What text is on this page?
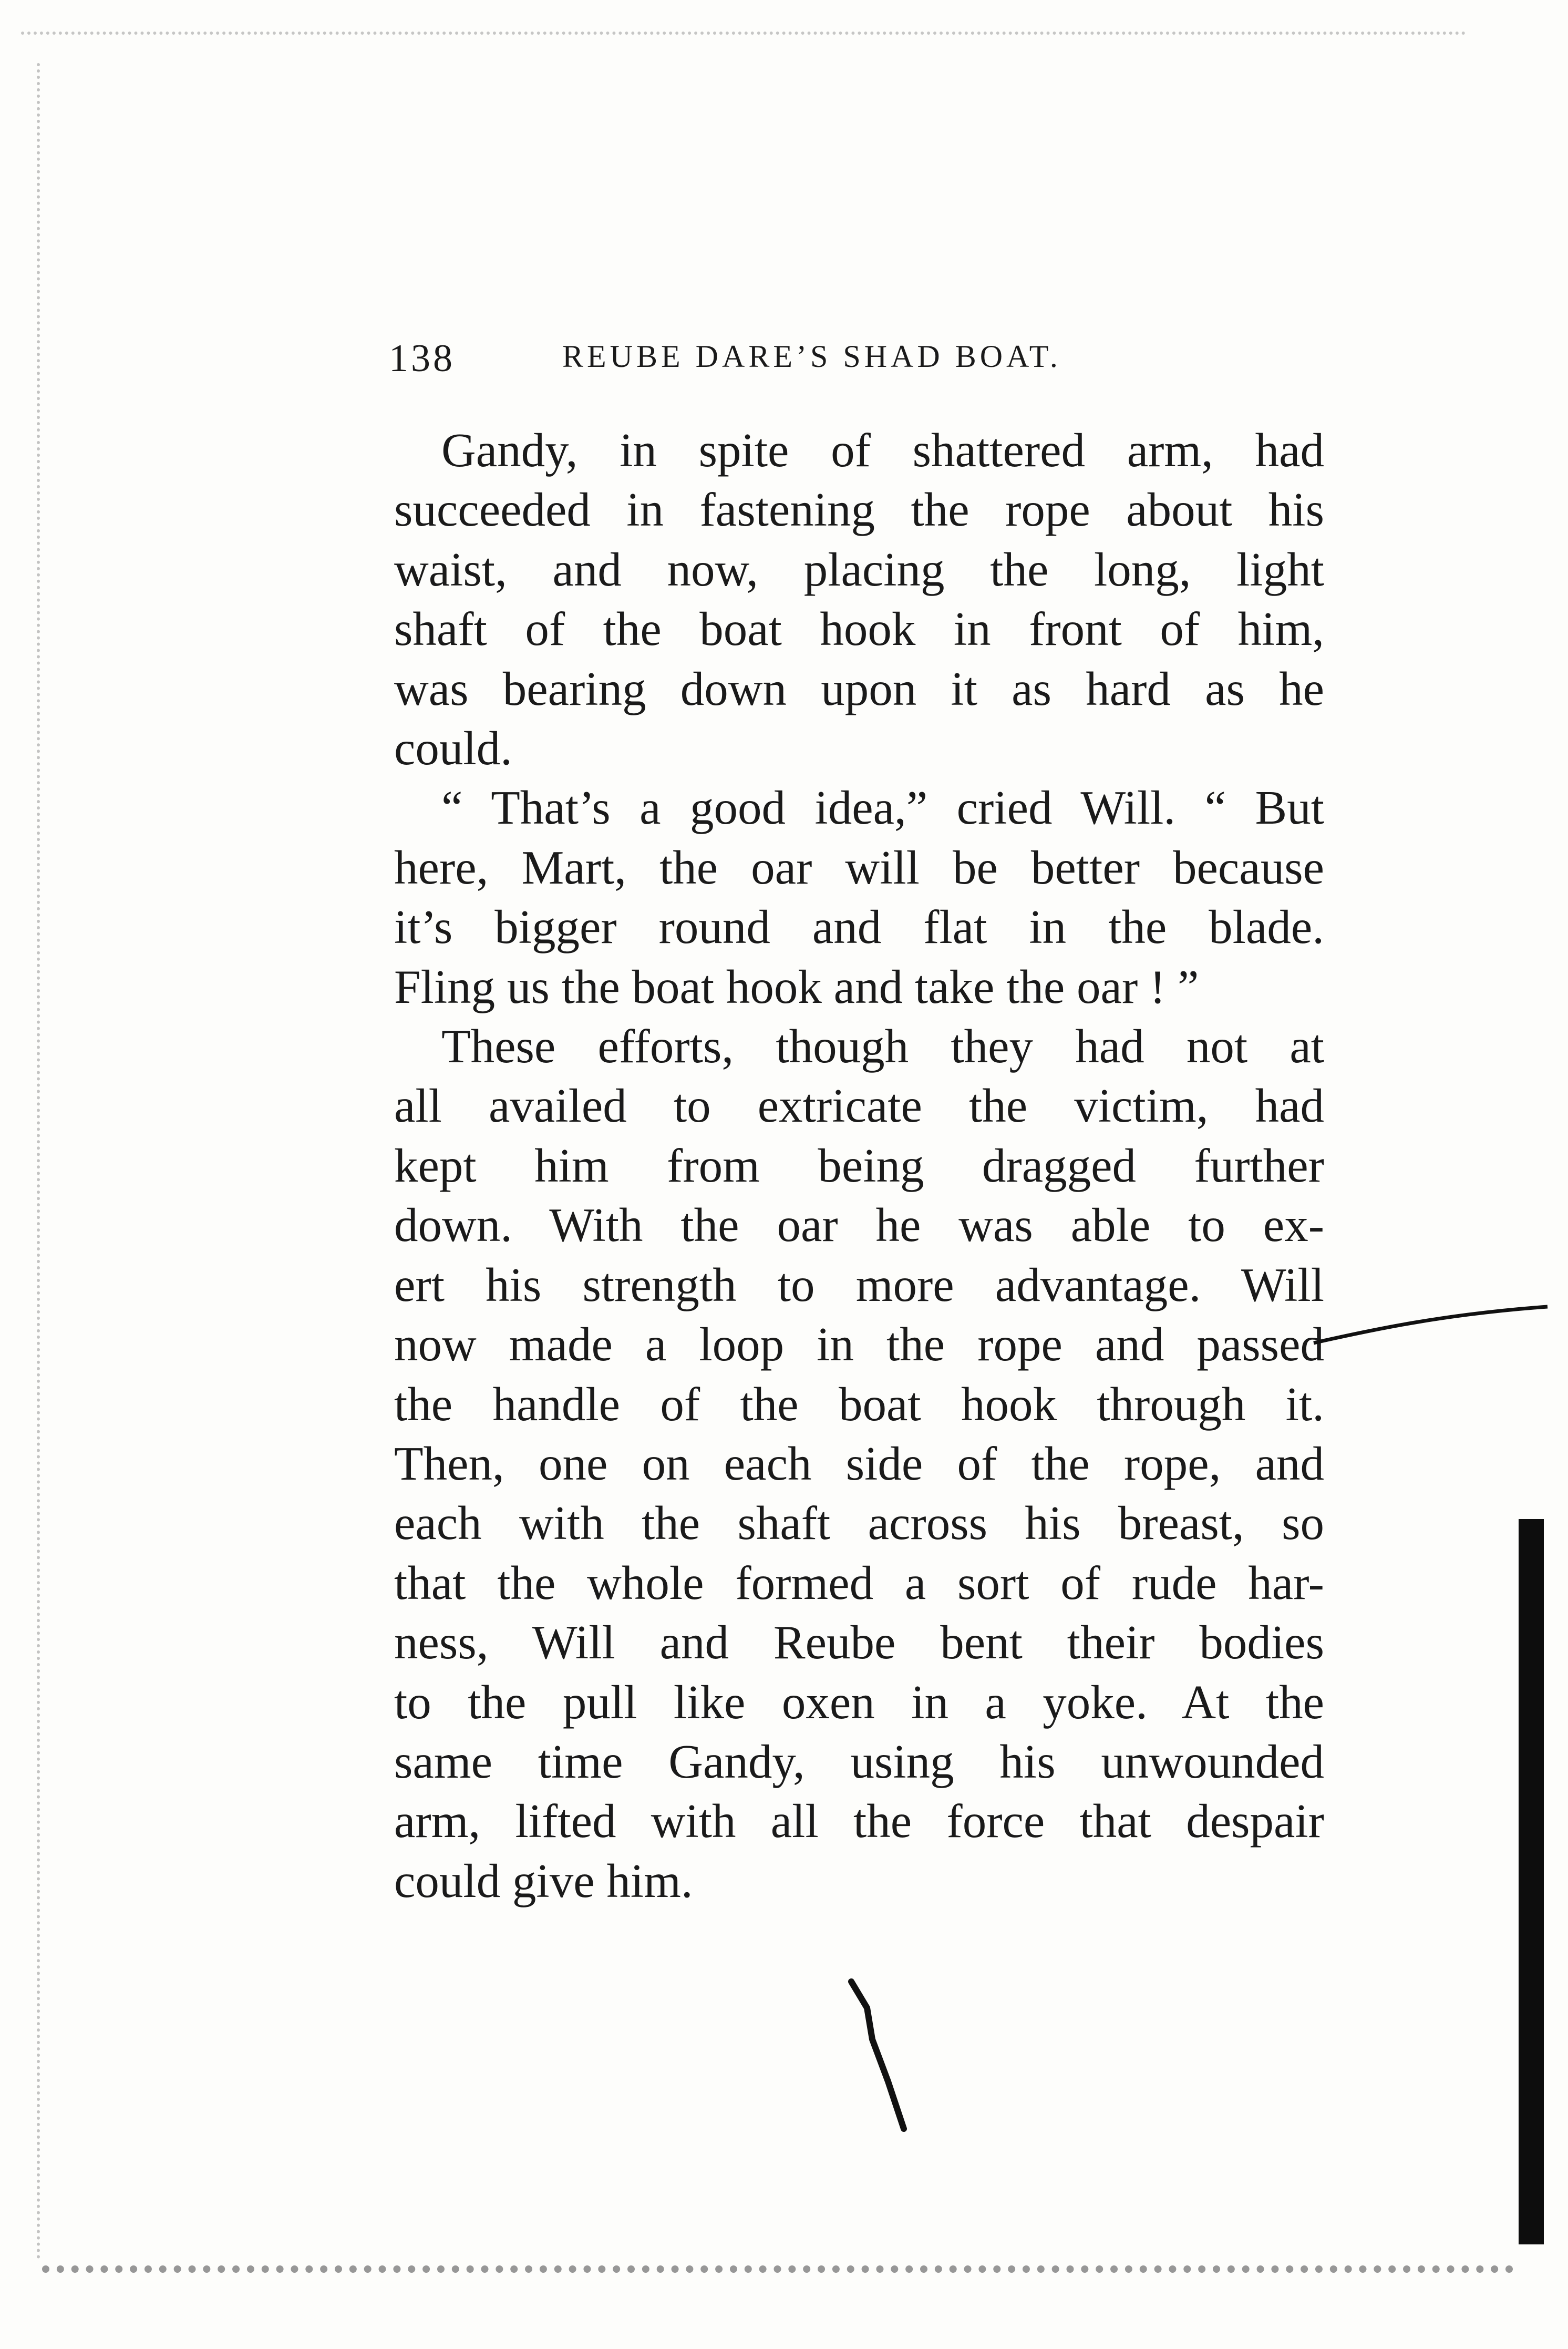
138	REUBE DARE’S SHAD BOAT.
Gandy, in spite of shattered arm, had
succeeded in fastening the rope about his
waist, and now, placing the long, light
shaft of the boat hook in front of him,
was bearing down upon it as hard as he
could.
“ That’s a good idea,” cried Will. “ But
here, Mart, the oar will be better because
it’s bigger round and flat in the blade.
Fling us the boat hook and take the oar ! ”
These efforts, though they had not at
all availed to extricate the victim, had
kept him from being dragged further
down. With the oar he was able to ex-
ert his strength to more advantage. Will
now made a loop in the rope and passed
the handle of the boat hook through it.
Then, one on each side of the rope, and
each with the shaft across his breast, so
that the whole formed a sort of rude har-
ness, Will and Reube bent their bodies
to the pull like oxen in a yoke. At the
same time Gandy, using his unwounded
arm, lifted with all the force that despair
could give him.
